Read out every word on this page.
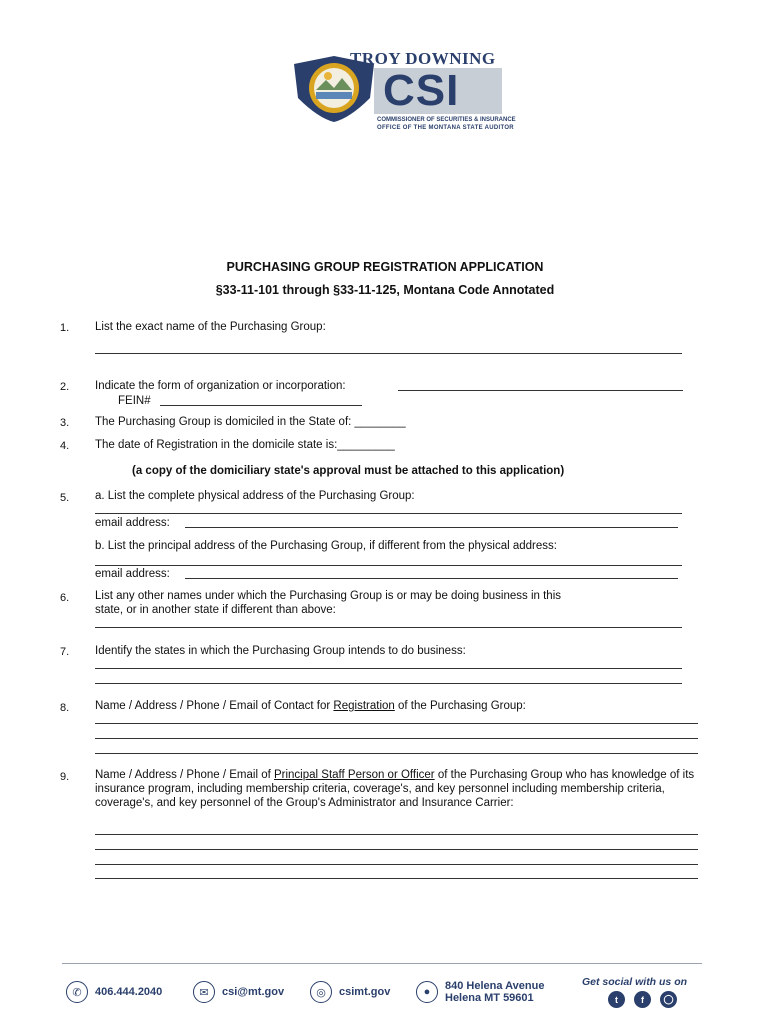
TROY DOWNING
CSI
COMMISSIONER OF SECURITIES & INSURANCE
OFFICE OF THE MONTANA STATE AUDITOR
PURCHASING GROUP REGISTRATION APPLICATION
§33-11-101 through §33-11-125, Montana Code Annotated
1. List the exact name of the Purchasing Group:
2. Indicate the form of organization or incorporation:
FEIN#
3. The Purchasing Group is domiciled in the State of: ________
4. The date of Registration in the domicile state is:_________
(a copy of the domiciliary state's approval must be attached to this application)
5. a. List the complete physical address of the Purchasing Group:
email address:
b. List the principal address of the Purchasing Group, if different from the physical address:
email address:
6. List any other names under which the Purchasing Group is or may be doing business in this
state, or in another state if different than above:
7. Identify the states in which the Purchasing Group intends to do business:
8. Name / Address / Phone / Email of Contact for Registration of the Purchasing Group:
9. Name / Address / Phone / Email of Principal Staff Person or Officer of the Purchasing Group who has knowledge of its insurance program, including membership criteria, coverage's, and key personnel including membership criteria, coverage's, and key personnel of the Group's Administrator and Insurance Carrier:
✆	406.444.2040	✉	csi@mt.gov	◎	csimt.gov	●	840 Helena Avenue
Helena MT 59601
Get social with us on
t	f	◯
